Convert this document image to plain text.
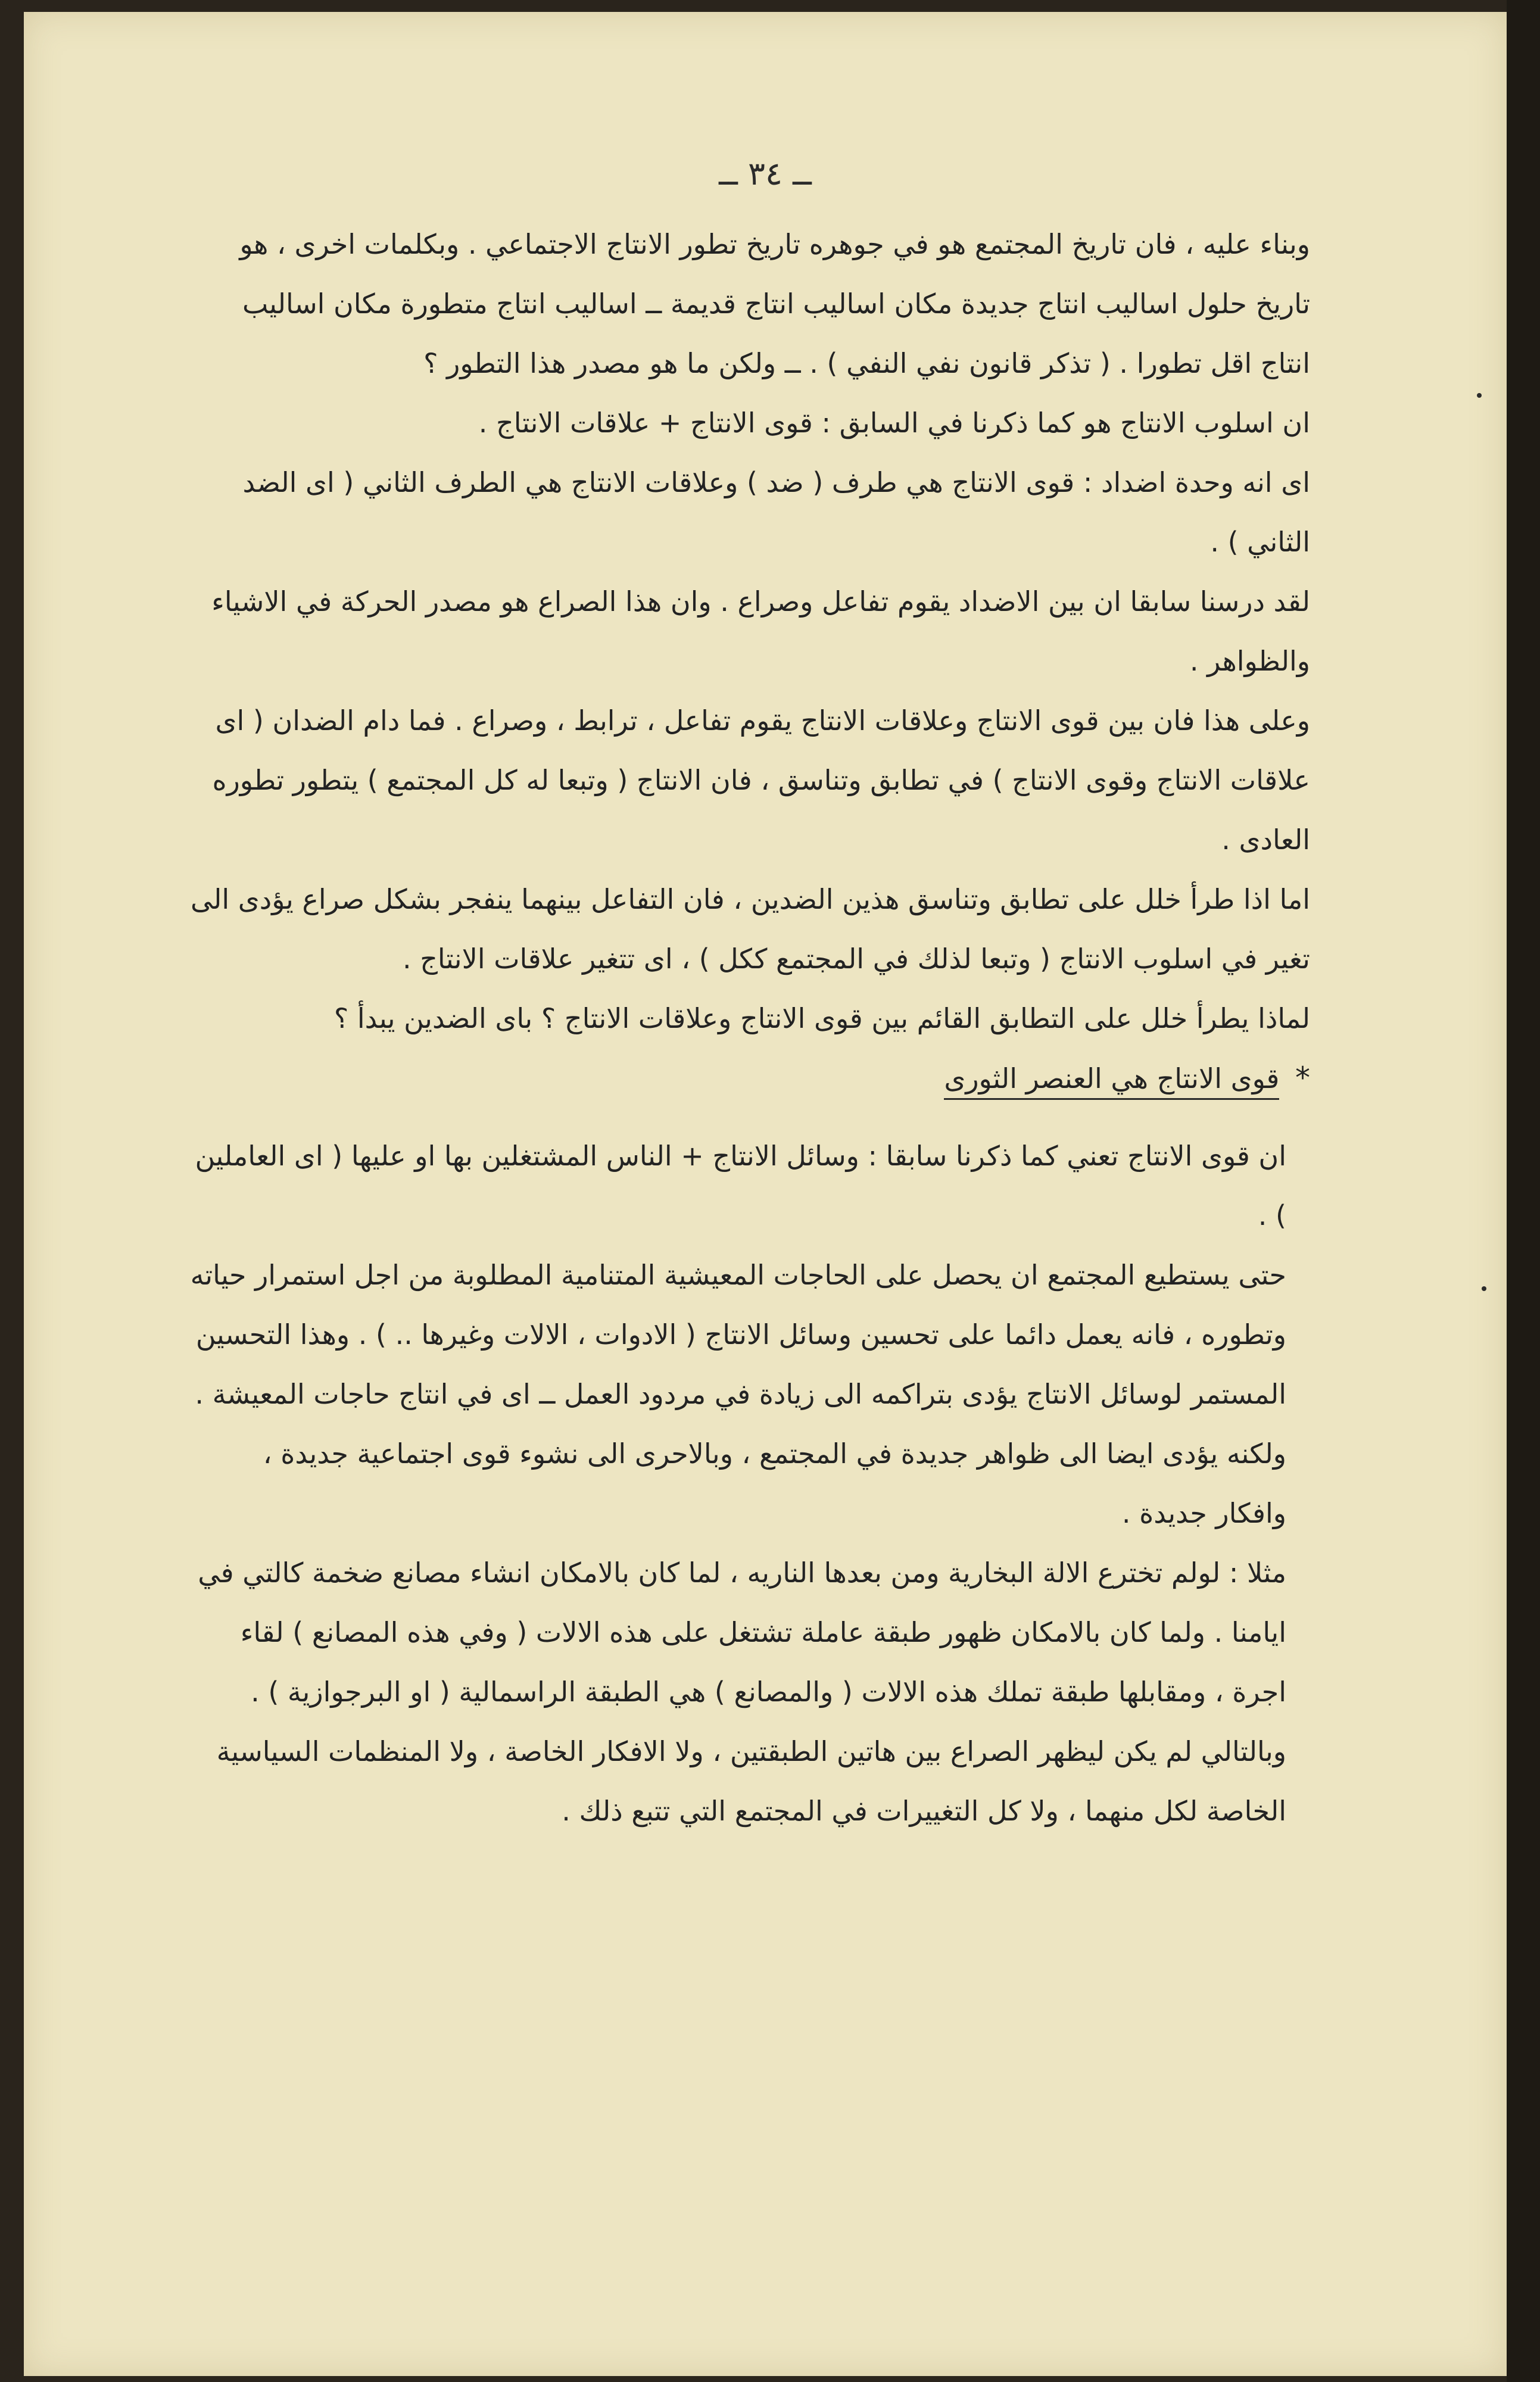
ــ ٣٤ ــ

وبناء عليه ، فان تاريخ المجتمع هو في جوهره تاريخ تطور الانتاج الاجتماعي . وبكلمات اخرى ، هو تاريخ حلول اساليب انتاج جديدة مكان اساليب انتاج قديمة ــ اساليب انتاج متطورة مكان اساليب انتاج اقل تطورا . ( تذكر قانون نفي النفي ) . ــ ولكن ما هو مصدر هذا التطور ؟

ان اسلوب الانتاج هو كما ذكرنا في السابق : قوى الانتاج + علاقات الانتاج .

اى انه وحدة اضداد : قوى الانتاج هي طرف ( ضد ) وعلاقات الانتاج هي الطرف الثاني ( اى الضد الثاني ) .

لقد درسنا سابقا ان بين الاضداد يقوم تفاعل وصراع . وان هذا الصراع هو مصدر الحركة في الاشياء والظواهر .

وعلى هذا فان بين قوى الانتاج وعلاقات الانتاج يقوم تفاعل ، ترابط ، وصراع . فما دام الضدان ( اى علاقات الانتاج وقوى الانتاج ) في تطابق وتناسق ، فان الانتاج ( وتبعا له كل المجتمع ) يتطور تطوره العادى .

اما اذا طرأ خلل على تطابق وتناسق هذين الضدين ، فان التفاعل بينهما ينفجر بشكل صراع يؤدى الى تغير في اسلوب الانتاج ( وتبعا لذلك في المجتمع ككل ) ، اى تتغير علاقات الانتاج .

لماذا يطرأ خلل على التطابق القائم بين قوى الانتاج وعلاقات الانتاج ؟ باى الضدين يبدأ ؟

* قوى الانتاج هي العنصر الثورى

ان قوى الانتاج تعني كما ذكرنا سابقا : وسائل الانتاج + الناس المشتغلين بها او عليها ( اى العاملين ) .

حتى يستطيع المجتمع ان يحصل على الحاجات المعيشية المتنامية المطلوبة من اجل استمرار حياته وتطوره ، فانه يعمل دائما على تحسين وسائل الانتاج ( الادوات ، الالات وغيرها .. ) . وهذا التحسين المستمر لوسائل الانتاج يؤدى بتراكمه الى زيادة في مردود العمل ــ اى في انتاج حاجات المعيشة . ولكنه يؤدى ايضا الى ظواهر جديدة في المجتمع ، وبالاحرى الى نشوء قوى اجتماعية جديدة ، وافكار جديدة .

مثلا : لولم تخترع الالة البخارية ومن بعدها الناريه ، لما كان بالامكان انشاء مصانع ضخمة كالتي في ايامنا . ولما كان بالامكان ظهور طبقة عاملة تشتغل على هذه الالات ( وفي هذه المصانع ) لقاء اجرة ، ومقابلها طبقة تملك هذه الالات ( والمصانع ) هي الطبقة الراسمالية ( او البرجوازية ) . وبالتالي لم يكن ليظهر الصراع بين هاتين الطبقتين ، ولا الافكار الخاصة ، ولا المنظمات السياسية الخاصة لكل منهما ، ولا كل التغييرات في المجتمع التي تتبع ذلك .
